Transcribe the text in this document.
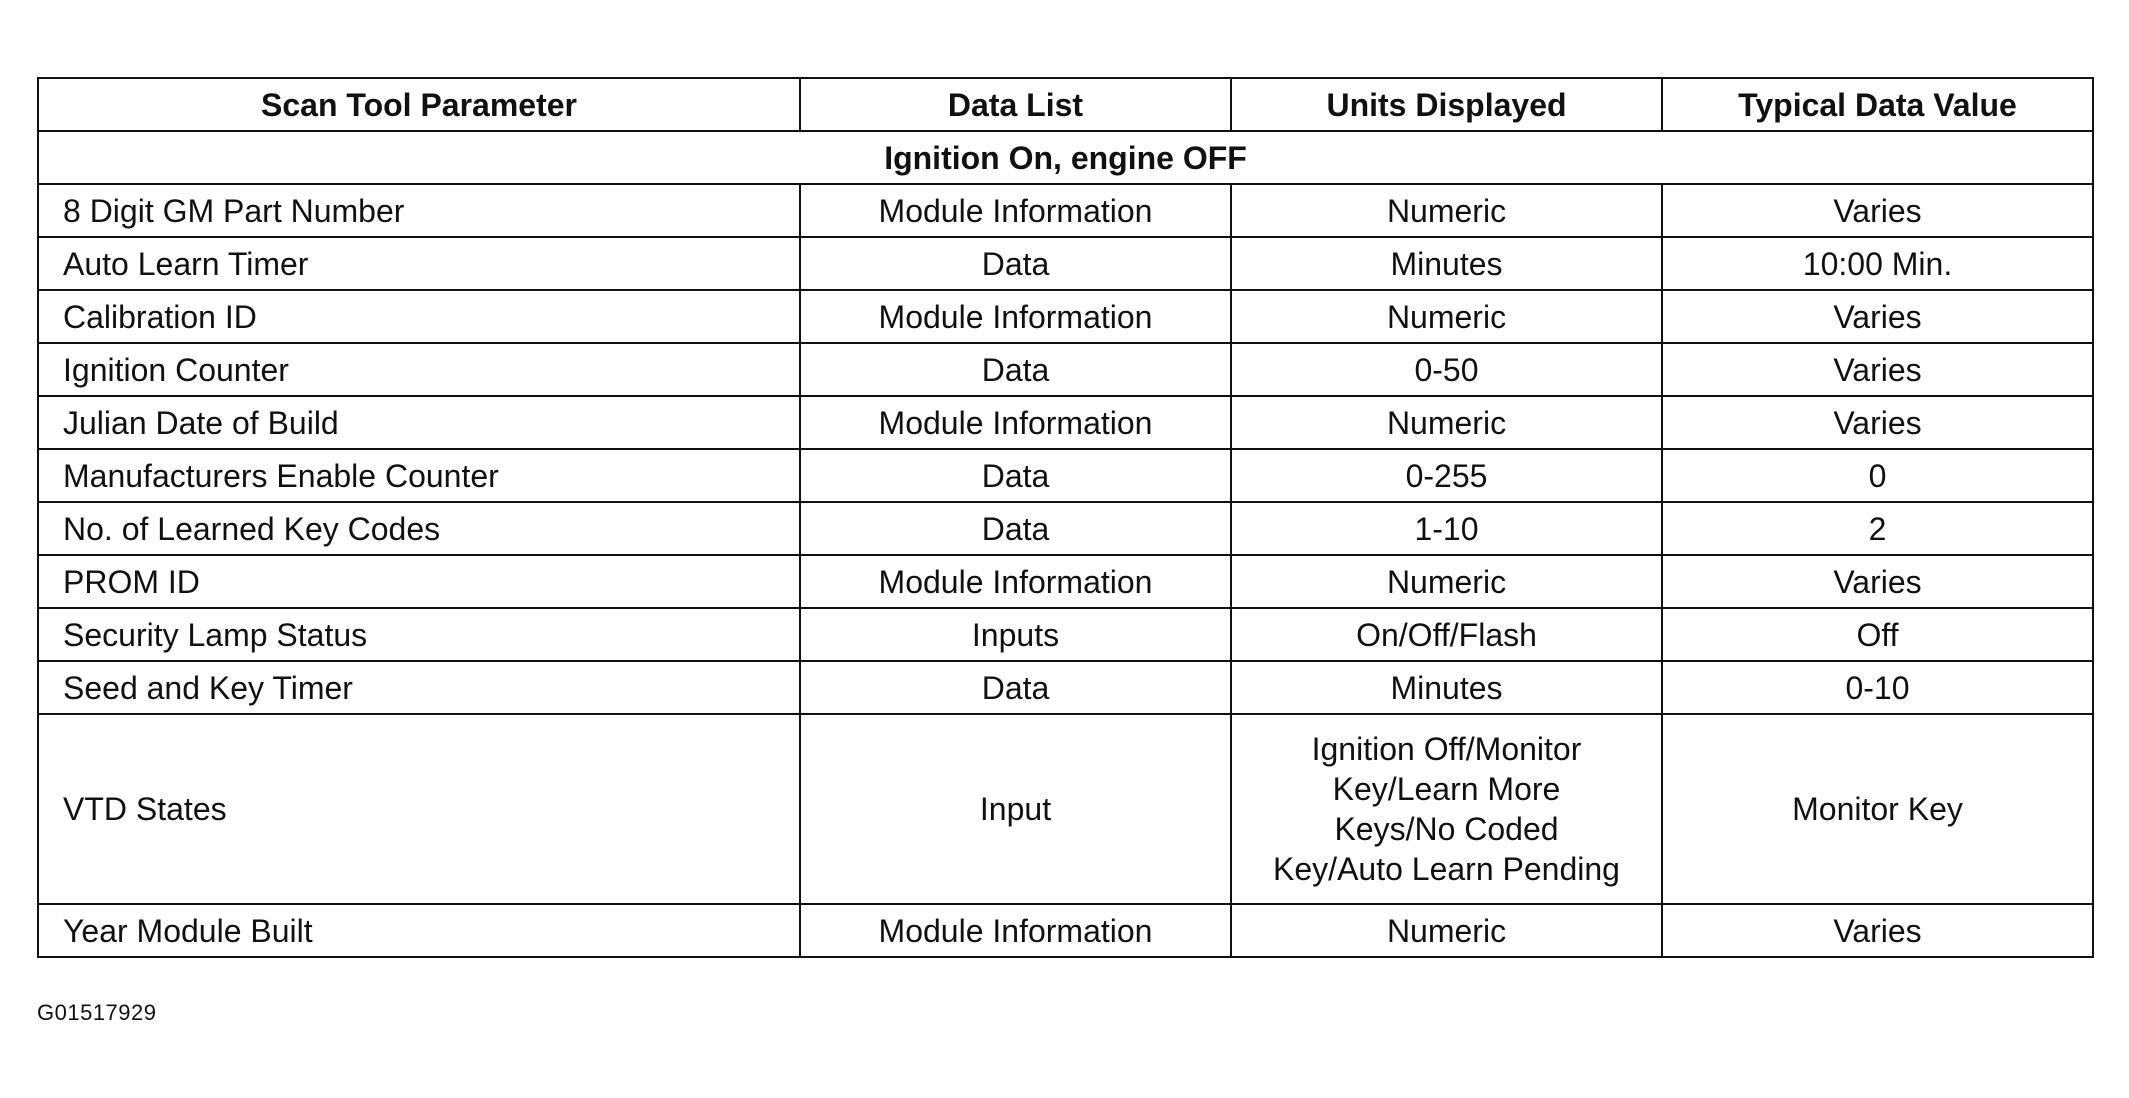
Scan Tool Parameter	Data List	Units Displayed	Typical Data Value
Ignition On, engine OFF			
8 Digit GM Part Number	Module Information	Numeric	Varies
Auto Learn Timer	Data	Minutes	10:00 Min.
Calibration ID	Module Information	Numeric	Varies
Ignition Counter	Data	0-50	Varies
Julian Date of Build	Module Information	Numeric	Varies
Manufacturers Enable Counter	Data	0-255	0
No. of Learned Key Codes	Data	1-10	2
PROM ID	Module Information	Numeric	Varies
Security Lamp Status	Inputs	On/Off/Flash	Off
Seed and Key Timer	Data	Minutes	0-10
VTD States	Input	Ignition Off/Monitor
Key/Learn More
Keys/No Coded
Key/Auto Learn Pending	Monitor Key
Year Module Built	Module Information	Numeric	Varies
G01517929
